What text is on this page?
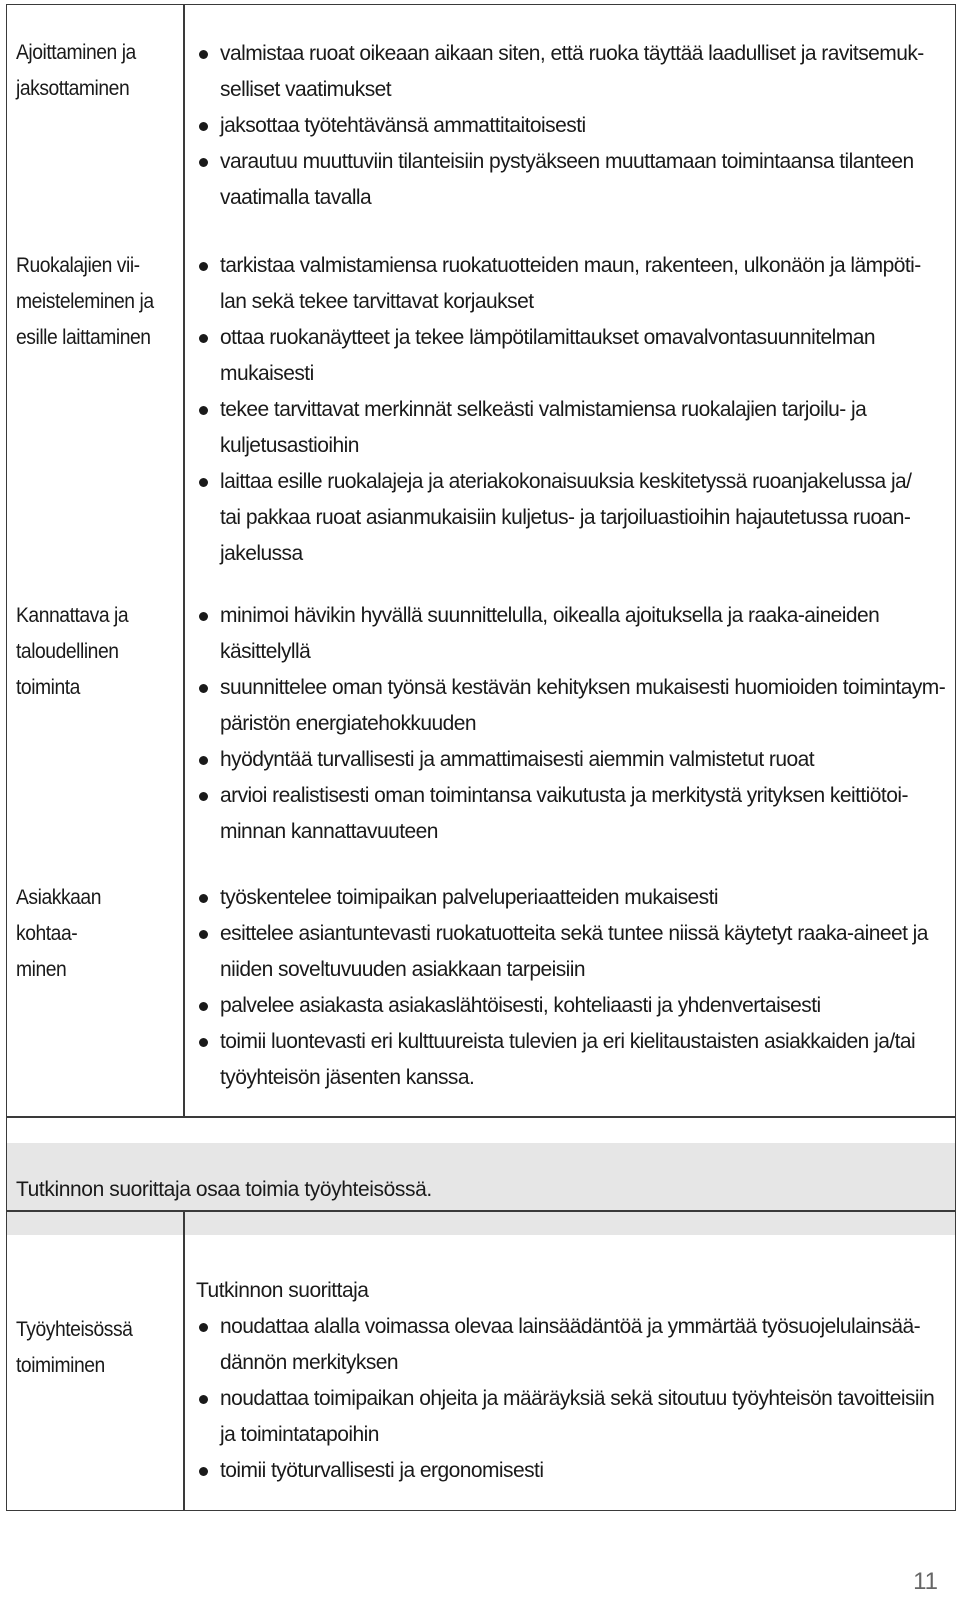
Tutkinnon suorittaja osaa toimia työyhteisössä.
Ajoittaminen ja
jaksottaminen
valmistaa ruoat oikeaan aikaan siten, että ruoka täyttää laadulliset ja ravitsemuk-
selliset vaatimukset
jaksottaa työtehtävänsä ammattitaitoisesti
varautuu muuttuviin tilanteisiin pystyäkseen muuttamaan toimintaansa tilanteen
vaatimalla tavalla
Ruokalajien vii-
meisteleminen ja
esille laittaminen
tarkistaa valmistamiensa ruokatuotteiden maun, rakenteen, ulkonäön ja lämpöti-
lan sekä tekee tarvittavat korjaukset
ottaa ruokanäytteet ja tekee lämpötilamittaukset omavalvontasuunnitelman
mukaisesti
tekee tarvittavat merkinnät selkeästi valmistamiensa ruokalajien tarjoilu- ja
kuljetusastioihin
laittaa esille ruokalajeja ja ateriakokonaisuuksia keskitetyssä ruoanjakelussa ja/
tai pakkaa ruoat asianmukaisiin kuljetus- ja tarjoiluastioihin hajautetussa ruoan-
jakelussa
Kannattava ja
taloudellinen
toiminta
minimoi hävikin hyvällä suunnittelulla, oikealla ajoituksella ja raaka-aineiden
käsittelyllä
suunnittelee oman työnsä kestävän kehityksen mukaisesti huomioiden toimintaym-
päristön energiatehokkuuden
hyödyntää turvallisesti ja ammattimaisesti aiemmin valmistetut ruoat
arvioi realistisesti oman toimintansa vaikutusta ja merkitystä yrityksen keittiötoi-
minnan kannattavuuteen
Asiakkaan kohtaa-
minen
työskentelee toimipaikan palveluperiaatteiden mukaisesti
esittelee asiantuntevasti ruokatuotteita sekä tuntee niissä käytetyt raaka-aineet ja
niiden soveltuvuuden asiakkaan tarpeisiin
palvelee asiakasta asiakaslähtöisesti, kohteliaasti ja yhdenvertaisesti
toimii luontevasti eri kulttuureista tulevien ja eri kielitaustaisten asiakkaiden ja/tai
työyhteisön jäsenten kanssa.
Työyhteisössä
toimiminen
Tutkinnon suorittaja
noudattaa alalla voimassa olevaa lainsäädäntöä ja ymmärtää työsuojelulainsää-
dännön merkityksen
noudattaa toimipaikan ohjeita ja määräyksiä sekä sitoutuu työyhteisön tavoitteisiin
ja toimintatapoihin
toimii työturvallisesti ja ergonomisesti
11
